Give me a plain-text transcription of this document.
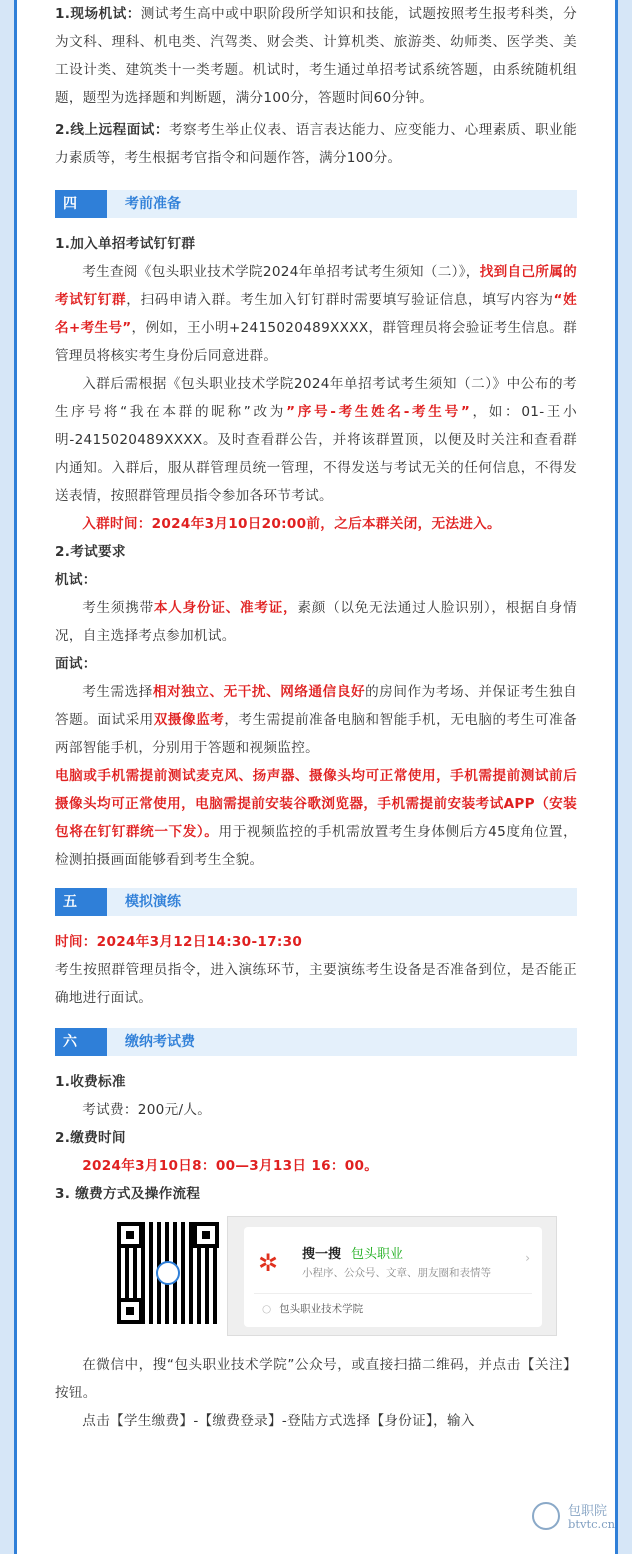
1.现场机试：测试考生高中或中职阶段所学知识和技能，试题按照考生报考科类，分为文科、理科、机电类、汽驾类、财会类、计算机类、旅游类、幼师类、医学类、美工设计类、建筑类十一类考题。机试时，考生通过单招考试系统答题，由系统随机组题，题型为选择题和判断题，满分100分，答题时间60分钟。

2.线上远程面试：考察考生举止仪表、语言表达能力、应变能力、心理素质、职业能力素质等，考生根据考官指令和问题作答，满分100分。

四	考前准备

1.加入单招考试钉钉群

考生查阅《包头职业技术学院2024年单招考试考生须知（二）》，找到自己所属的考试钉钉群，扫码申请入群。考生加入钉钉群时需要填写验证信息，填写内容为“姓名+考生号”，例如，王小明+2415020489XXXX，群管理员将会验证考生信息。群管理员将核实考生身份后同意进群。

入群后需根据《包头职业技术学院2024年单招考试考生须知（二）》中公布的考生序号将“我在本群的昵称”改为”序号-考生姓名-考生号”，如：01-王小明-2415020489XXXX。及时查看群公告，并将该群置顶，以便及时关注和查看群内通知。入群后，服从群管理员统一管理，不得发送与考试无关的任何信息，不得发送表情，按照群管理员指令参加各环节考试。

入群时间：2024年3月10日20:00前，之后本群关闭，无法进入。

2.考试要求

机试：

考生须携带本人身份证、准考证，素颜（以免无法通过人脸识别），根据自身情况，自主选择考点参加机试。

面试：

考生需选择相对独立、无干扰、网络通信良好的房间作为考场、并保证考生独自答题。面试采用双摄像监考，考生需提前准备电脑和智能手机，无电脑的考生可准备两部智能手机，分别用于答题和视频监控。

电脑或手机需提前测试麦克风、扬声器、摄像头均可正常使用，手机需提前测试前后摄像头均可正常使用，电脑需提前安装谷歌浏览器，手机需提前安装考试APP（安装包将在钉钉群统一下发）。用于视频监控的手机需放置考生身体侧后方45度角位置，检测拍摄画面能够看到考生全貌。

五	模拟演练

时间：2024年3月12日14:30-17:30

考生按照群管理员指令，进入演练环节，主要演练考生设备是否准备到位，是否能正确地进行面试。

六	缴纳考试费

1.收费标准

考试费：200元/人。

2.缴费时间

2024年3月10日8：00—3月13日 16：00。

3. 缴费方式及操作流程

✲ 搜一搜 包头职业
小程序、公众号、文章、朋友圈和表情等
›
○ 包头职业技术学院

在微信中，搜“包头职业技术学院”公众号，或直接扫描二维码，并点击【关注】按钮。

点击【学生缴费】-【缴费登录】-登陆方式选择【身份证】，输入

包职院
btvtc.cn
